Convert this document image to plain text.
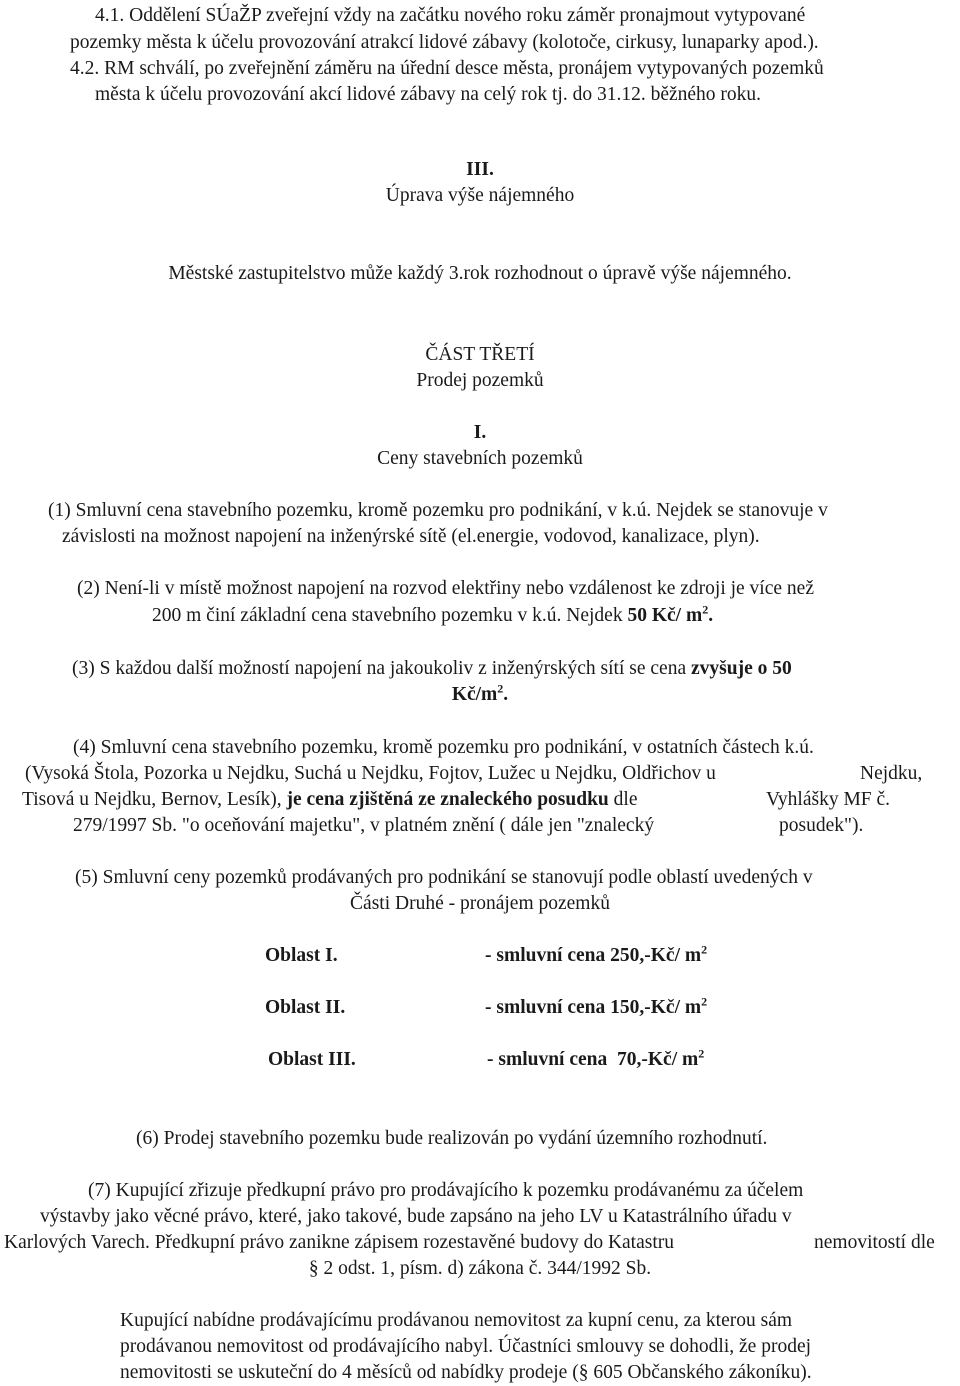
4.1. Oddělení SÚaŽP zveřejní vždy na začátku nového roku záměr pronajmout vytypované
pozemky města k účelu provozování atrakcí lidové zábavy (kolotoče, cirkusy, lunaparky apod.).
4.2. RM schválí, po zveřejnění záměru na úřední desce města, pronájem vytypovaných pozemků
města k účelu provozování akcí lidové zábavy na celý rok tj. do 31.12. běžného roku.
III.
Úprava výše nájemného
Městské zastupitelstvo může každý 3.rok rozhodnout o úpravě výše nájemného.
ČÁST TŘETÍ
Prodej pozemků
I.
Ceny stavebních pozemků
(1) Smluvní cena stavebního pozemku, kromě pozemku pro podnikání, v k.ú. Nejdek se stanovuje v
závislosti na možnost napojení na inženýrské sítě (el.energie, vodovod, kanalizace, plyn).
(2) Není-li v místě možnost napojení na rozvod elektřiny nebo vzdálenost ke zdroji je více než
200 m činí základní cena stavebního pozemku v k.ú. Nejdek 50 Kč/ $m^2$.
(3) S každou další možností napojení na jakoukoliv z inženýrských sítí se cena zvyšuje o 50
$Kč/m^2$.
(4) Smluvní cena stavebního pozemku, kromě pozemku pro podnikání, v ostatních částech k.ú.
(Vysoká Štola, Pozorka u Nejdku, Suchá u Nejdku, Fojtov, Lužec u Nejdku, Oldřichov u	Nejdku,
Tisová u Nejdku, Bernov, Lesík), je cena zjištěná ze znaleckého posudku dle	Vyhlášky MF č.
279/1997 Sb. "o oceňování majetku", v platném znění ( dále jen "znalecký	posudek").
(5) Smluvní ceny pozemků prodávaných pro podnikání se stanovují podle oblastí uvedených v
Části Druhé - pronájem pozemků
Oblast I.	- smluvní cena 250,-Kč/ $m^2$
Oblast II.	- smluvní cena 150,-Kč/ $m^2$
Oblast III.	- smluvní cena  70,-Kč/ $m^2$
(6) Prodej stavebního pozemku bude realizován po vydání územního rozhodnutí.
(7) Kupující zřizuje předkupní právo pro prodávajícího k pozemku prodávanému za účelem
výstavby jako věcné právo, které, jako takové, bude zapsáno na jeho LV u Katastrálního úřadu v
Karlových Varech. Předkupní právo zanikne zápisem rozestavěné budovy do Katastru	nemovitostí dle
§ 2 odst. 1, písm. d) zákona č. 344/1992 Sb.
Kupující nabídne prodávajícímu prodávanou nemovitost za kupní cenu, za kterou sám
prodávanou nemovitost od prodávajícího nabyl. Účastníci smlouvy se dohodli, že prodej
nemovitosti se uskuteční do 4 měsíců od nabídky prodeje (§ 605 Občanského zákoníku).
